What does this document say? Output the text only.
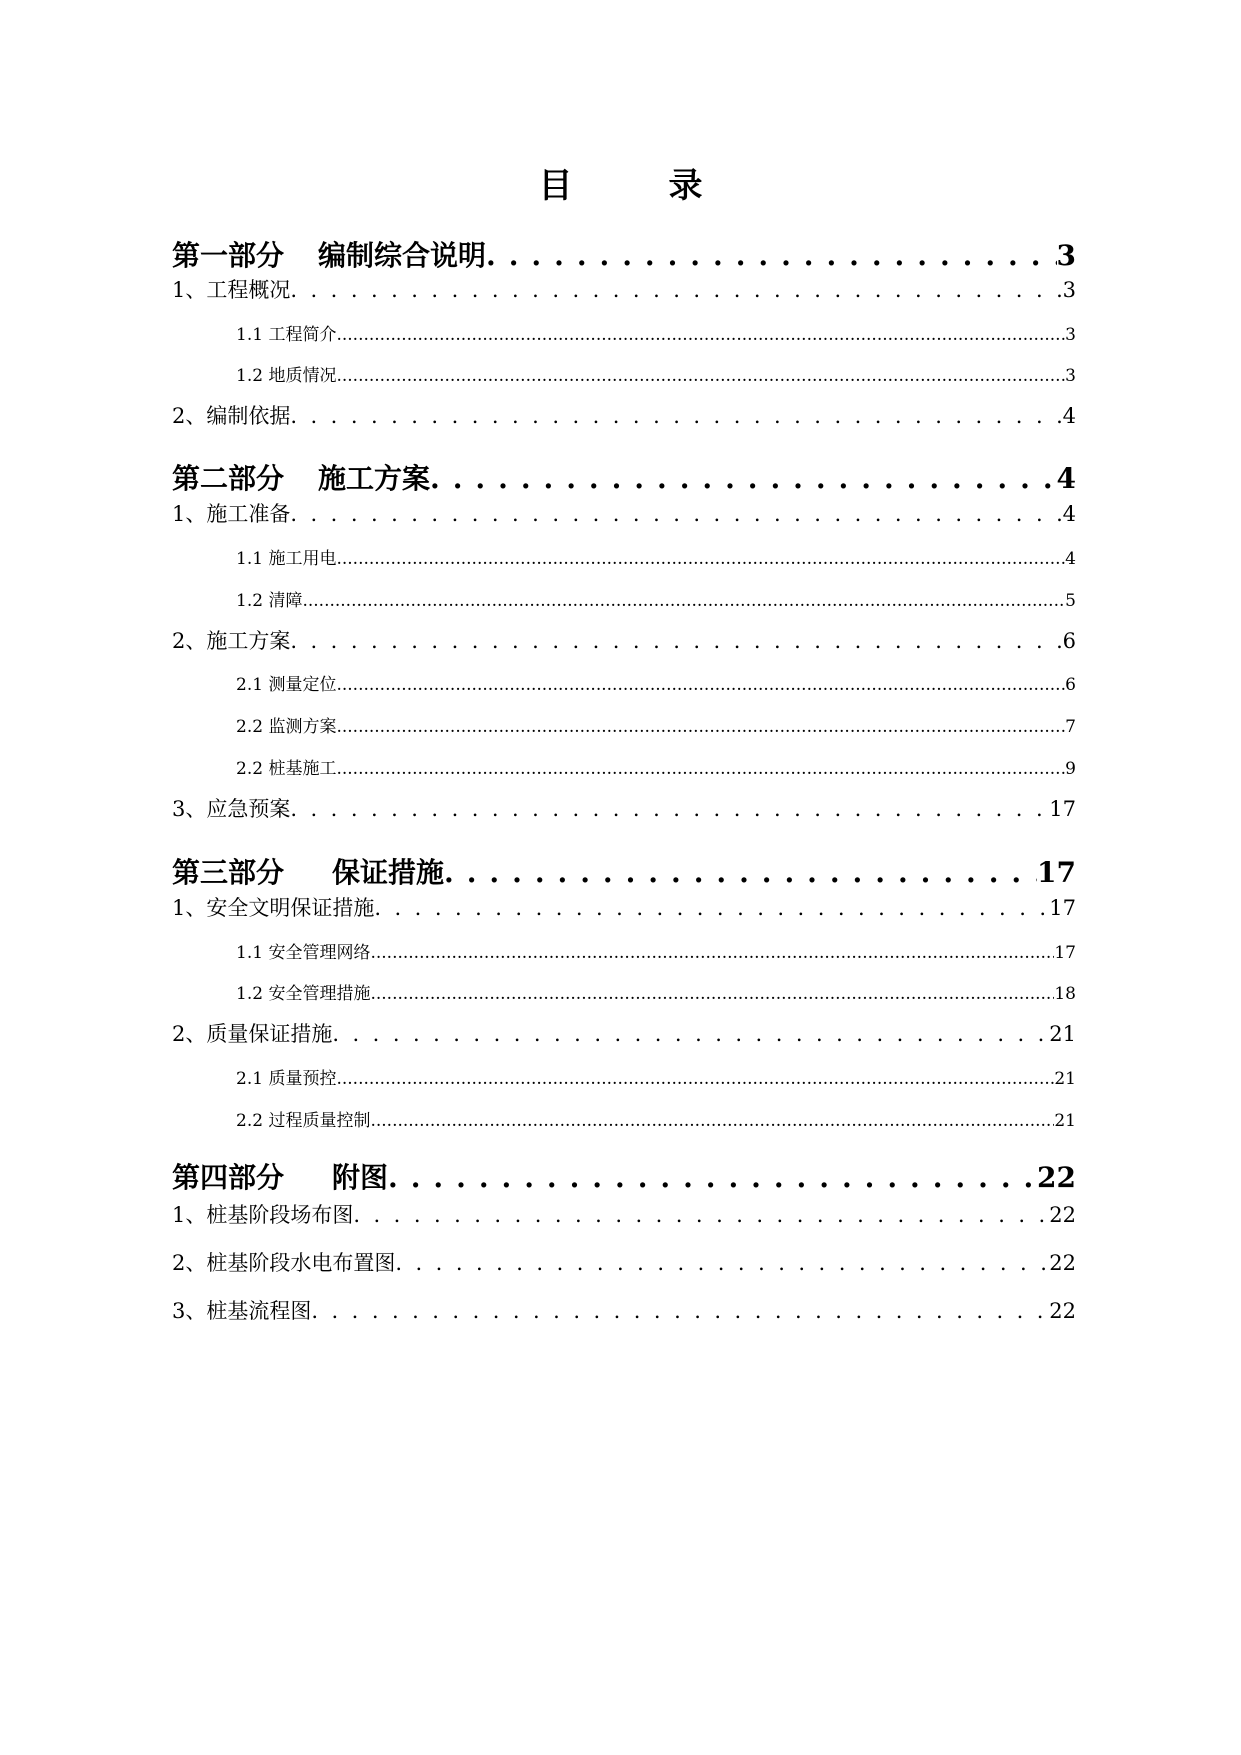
目	录
第一部分 编制综合说明 . . .	3
1、工程概况 . . .	3
1.1 工程简介 .....	3
1.2 地质情况 .....	3
2、编制依据 . . .	4
第二部分 施工方案 . . .	4
1、施工准备 . . .	4
1.1 施工用电 .....	4
1.2 清障 .....	5
2、施工方案 . . .	6
2.1 测量定位 .....	6
2.2 监测方案 .....	7
2.2 桩基施工 .....	9
3、应急预案 . . .	17
第三部分 保证措施 . . .	17
1、安全文明保证措施 . . .	17
1.1 安全管理网络 .....	17
1.2 安全管理措施 .....	18
2、质量保证措施 . . .	21
2.1 质量预控 .....	21
2.2 过程质量控制 .....	21
第四部分 附图 . . .	22
1、桩基阶段场布图 . . .	22
2、桩基阶段水电布置图 . . .	22
3、桩基流程图 . . .	22
